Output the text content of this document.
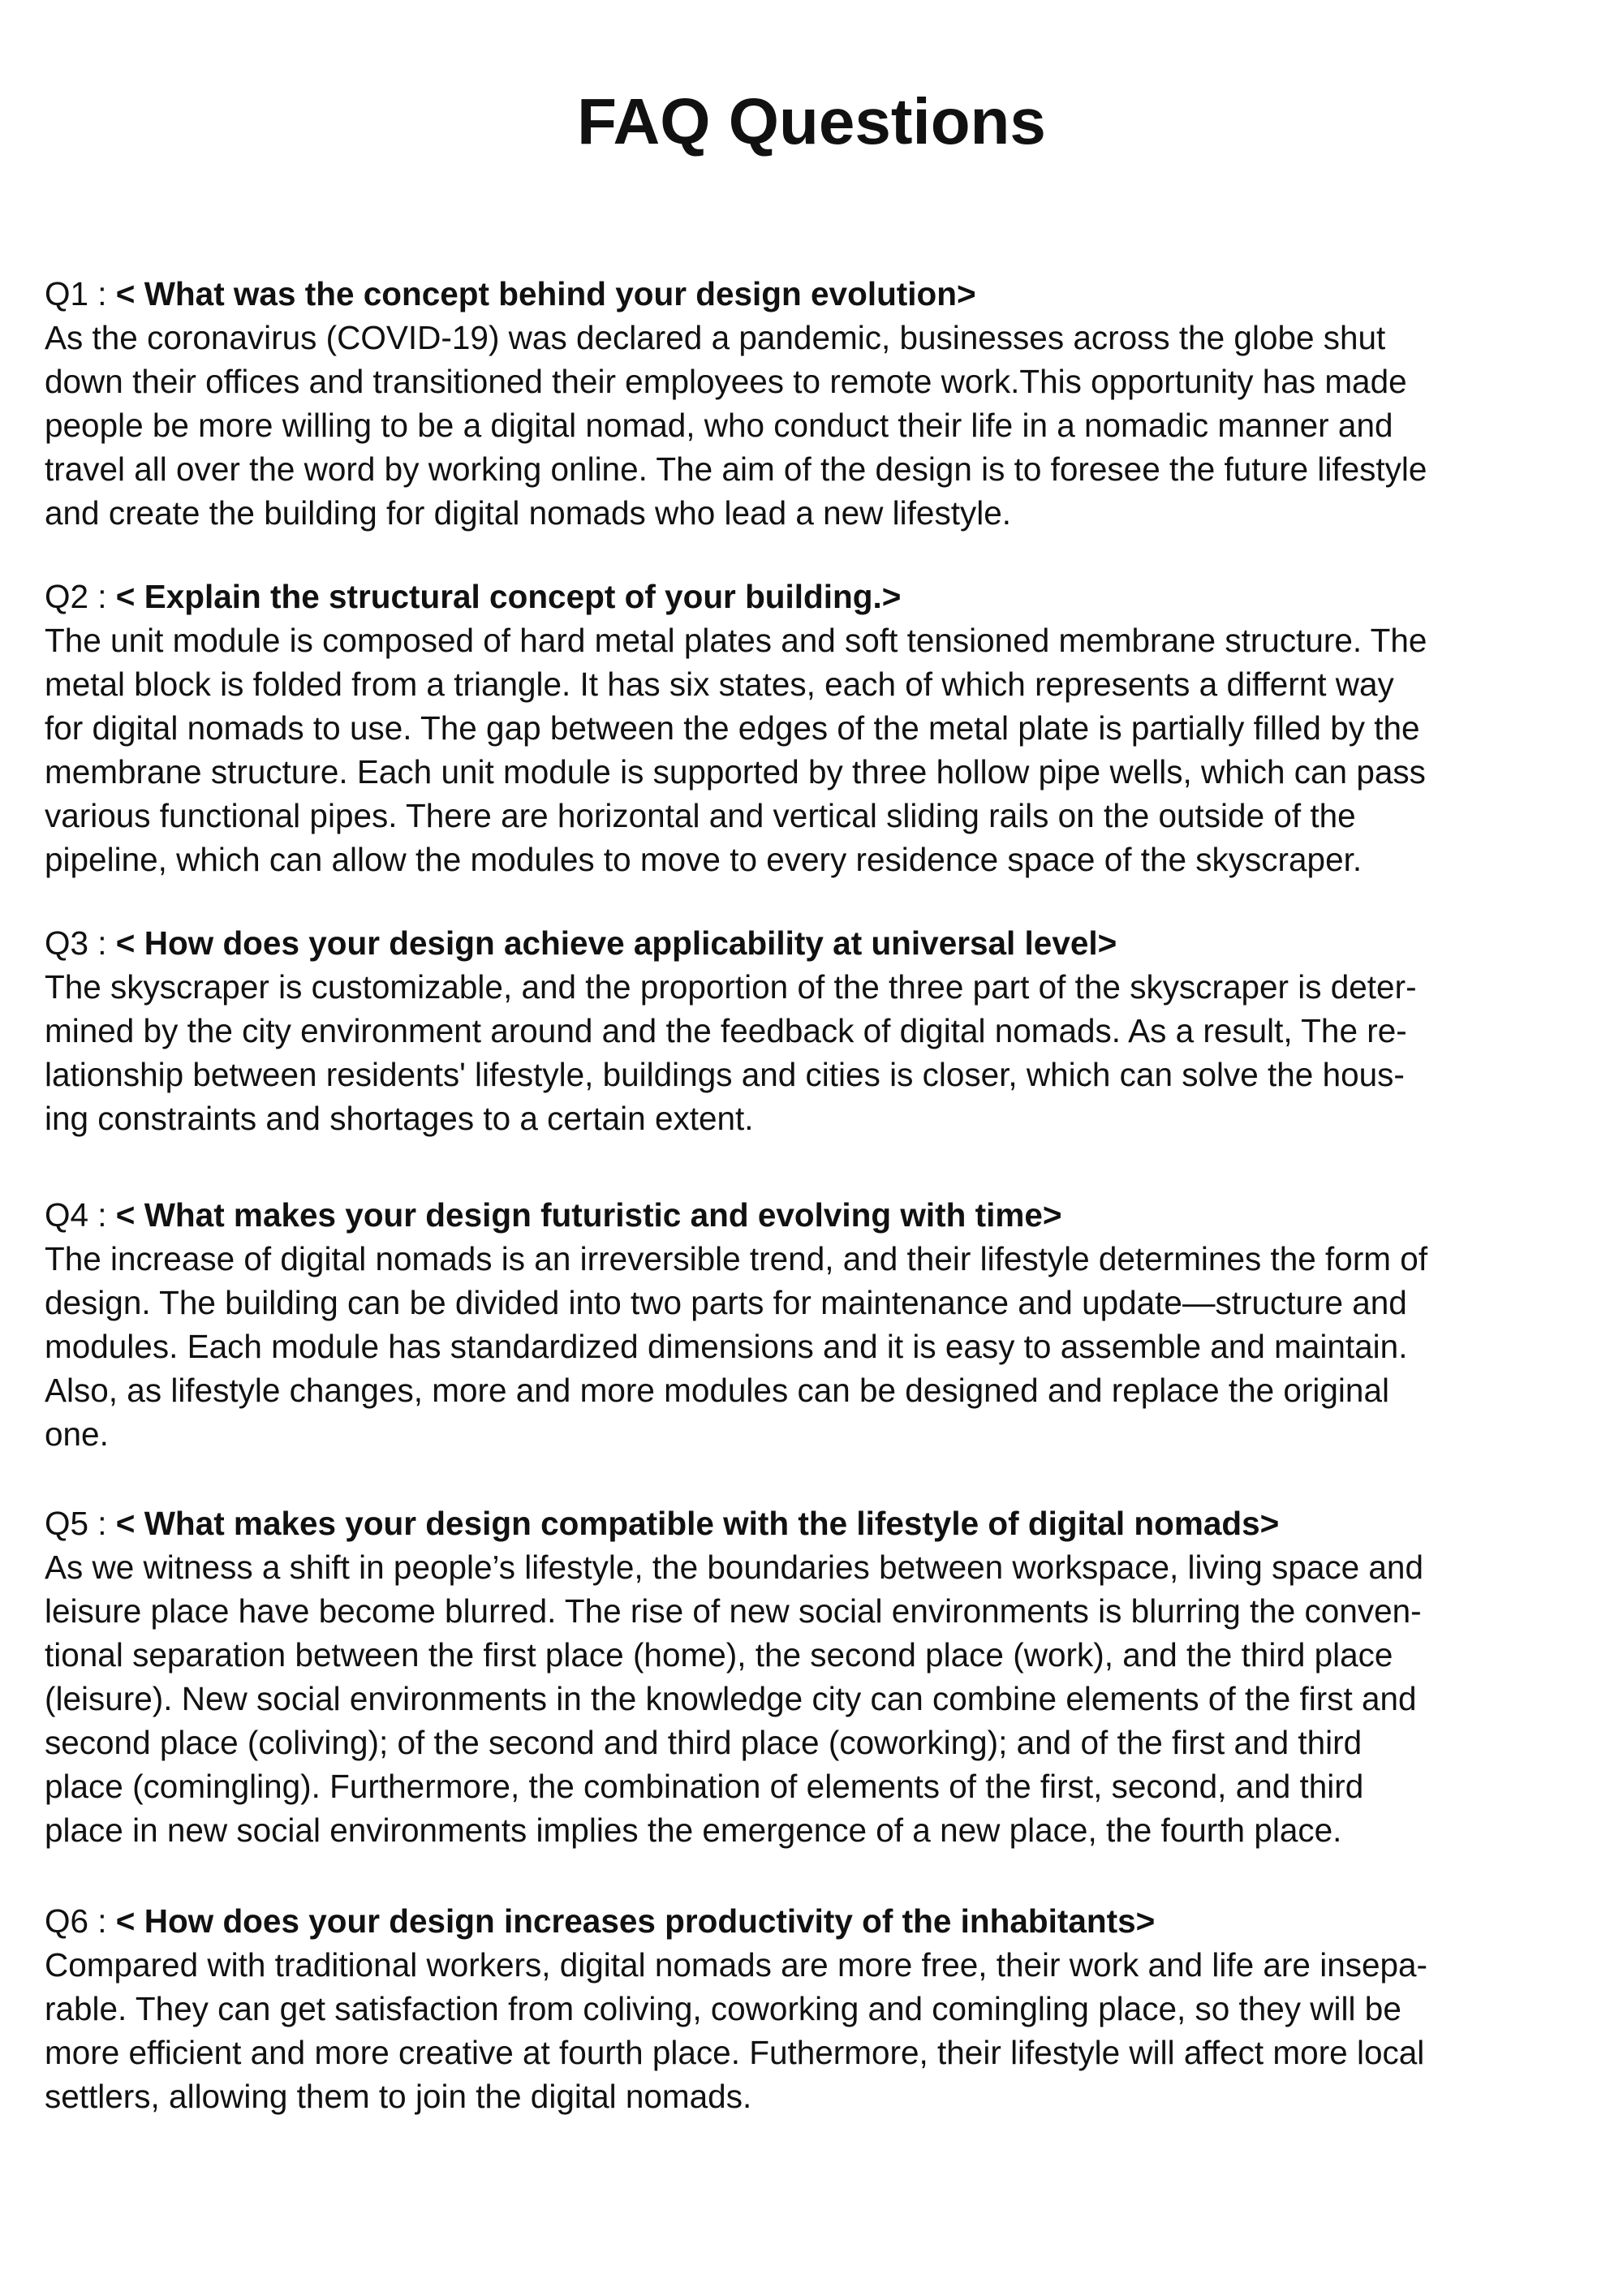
FAQ Questions

Q1 : < What was the concept behind your design evolution>

As the coronavirus (COVID-19) was declared a pandemic, businesses across the globe shut
down their offices and transitioned their employees to remote work.This opportunity has made
people be more willing to be a digital nomad, who conduct their life in a nomadic manner and
travel all over the word by working online. The aim of the design is to foresee the future lifestyle
and create the building for digital nomads who lead a new lifestyle.

Q2 : < Explain the structural concept of your building.>

The unit module is composed of hard metal plates and soft tensioned membrane structure. The
metal block is folded from a triangle. It has six states, each of which represents a differnt way
for digital nomads to use. The gap between the edges of the metal plate is partially filled by the
membrane structure. Each unit module is supported by three hollow pipe wells, which can pass
various functional pipes. There are horizontal and vertical sliding rails on the outside of the
pipeline, which can allow the modules to move to every residence space of the skyscraper.

Q3 : < How does your design achieve applicability at universal level>

The skyscraper is customizable, and the proportion of the three part of the skyscraper is deter-
mined by the city environment around and the feedback of digital nomads. As a result, The re-
lationship between residents' lifestyle, buildings and cities is closer, which can solve the hous-
ing constraints and shortages to a certain extent.

Q4 : < What makes your design futuristic and evolving with time>

The increase of digital nomads is an irreversible trend, and their lifestyle determines the form of
design. The building can be divided into two parts for maintenance and update—structure and
modules. Each module has standardized dimensions and it is easy to assemble and maintain.
Also, as lifestyle changes, more and more modules can be designed and replace the original
one.

Q5 : < What makes your design compatible with the lifestyle of digital nomads>

As we witness a shift in people’s lifestyle, the boundaries between workspace, living space and
leisure place have become blurred. The rise of new social environments is blurring the conven-
tional separation between the first place (home), the second place (work), and the third place
(leisure). New social environments in the knowledge city can combine elements of the first and
second place (coliving); of the second and third place (coworking); and of the first and third
place (comingling). Furthermore, the combination of elements of the first, second, and third
place in new social environments implies the emergence of a new place, the fourth place.

Q6 : < How does your design increases productivity of the inhabitants>

Compared with traditional workers, digital nomads are more free, their work and life are insepa-
rable. They can get satisfaction from coliving, coworking and comingling place, so they will be
more efficient and more creative at fourth place. Futhermore, their lifestyle will affect more local
settlers, allowing them to join the digital nomads.
